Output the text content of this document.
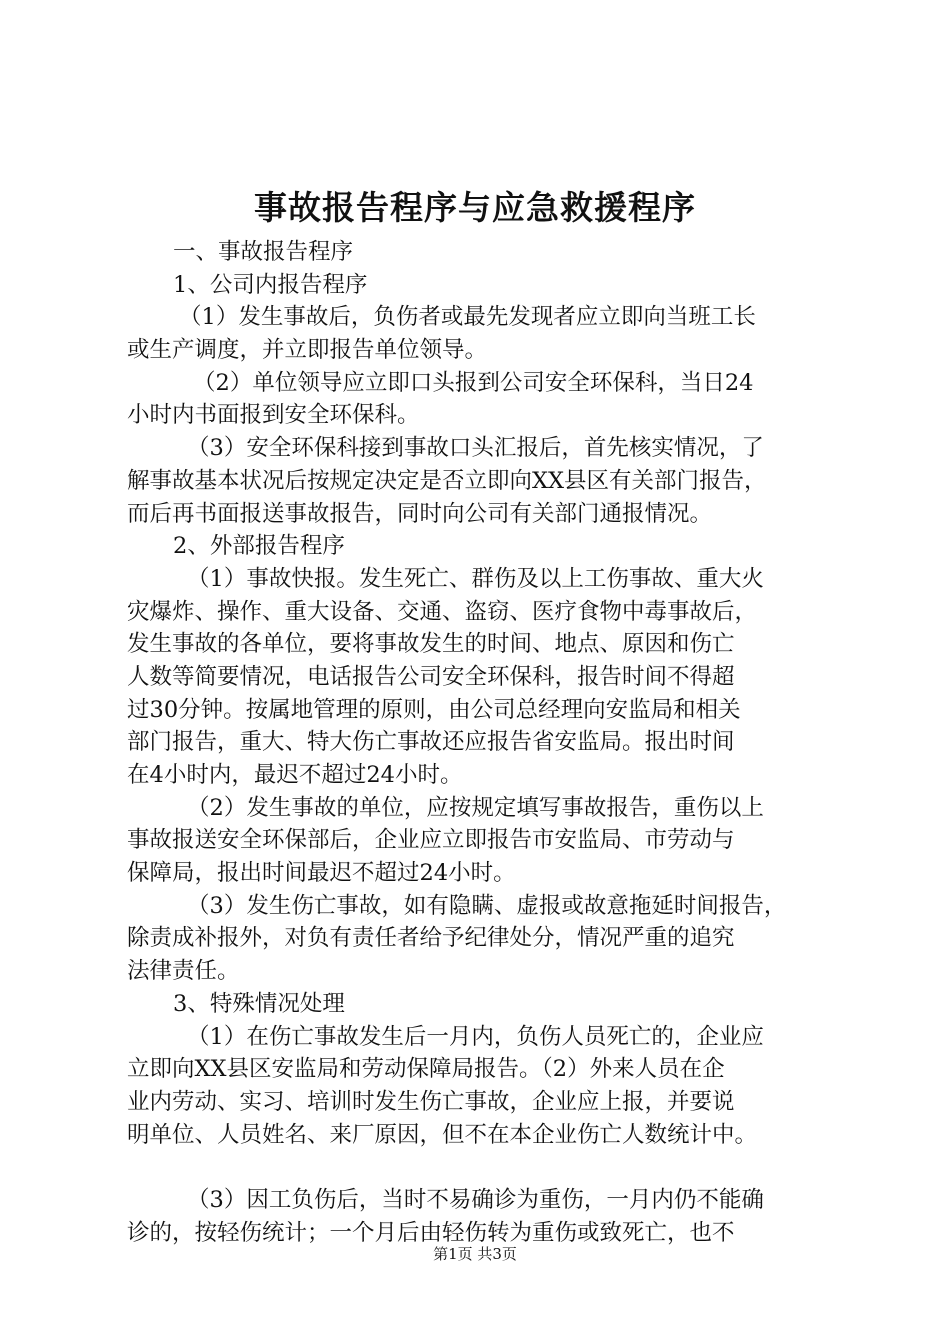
事故报告程序与应急救援程序
一、事故报告程序
1、公司内报告程序
（1）发生事故后，负伤者或最先发现者应立即向当班工长
或生产调度，并立即报告单位领导。
（2）单位领导应立即口头报到公司安全环保科，当日24
小时内书面报到安全环保科。
（3）安全环保科接到事故口头汇报后，首先核实情况，了
解事故基本状况后按规定决定是否立即向XX县区有关部门报告，
而后再书面报送事故报告，同时向公司有关部门通报情况。
2、外部报告程序
（1）事故快报。发生死亡、群伤及以上工伤事故、重大火
灾爆炸、操作、重大设备、交通、盗窃、医疗食物中毒事故后，
发生事故的各单位，要将事故发生的时间、地点、原因和伤亡
人数等简要情况，电话报告公司安全环保科，报告时间不得超
过30分钟。按属地管理的原则，由公司总经理向安监局和相关
部门报告，重大、特大伤亡事故还应报告省安监局。报出时间
在4小时内，最迟不超过24小时。
（2）发生事故的单位，应按规定填写事故报告，重伤以上
事故报送安全环保部后，企业应立即报告市安监局、市劳动与
保障局，报出时间最迟不超过24小时。
（3）发生伤亡事故，如有隐瞒、虚报或故意拖延时间报告，
除责成补报外，对负有责任者给予纪律处分，情况严重的追究
法律责任。
3、特殊情况处理
（1）在伤亡事故发生后一月内，负伤人员死亡的，企业应
立即向XX县区安监局和劳动保障局报告。（2）外来人员在企
业内劳动、实习、培训时发生伤亡事故，企业应上报，并要说
明单位、人员姓名、来厂原因，但不在本企业伤亡人数统计中。
（3）因工负伤后，当时不易确诊为重伤，一月内仍不能确
诊的，按轻伤统计；一个月后由轻伤转为重伤或致死亡，也不
第1页 共3页
